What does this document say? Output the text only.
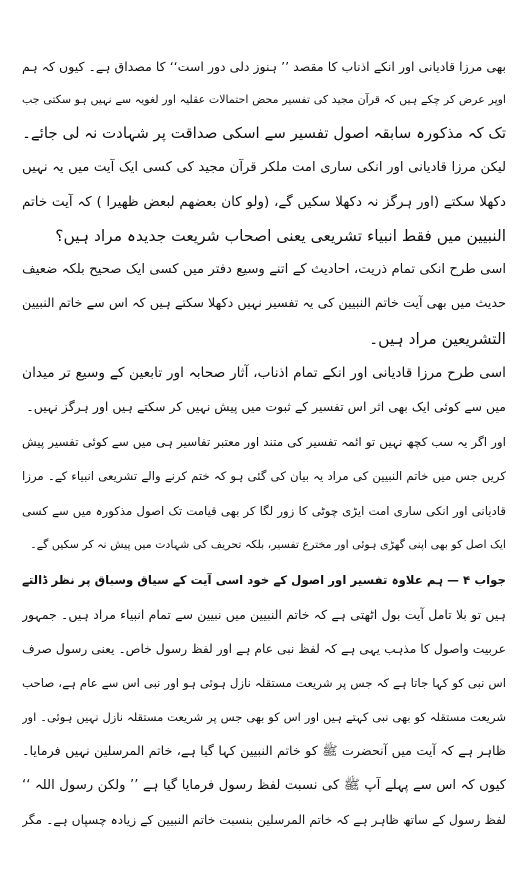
بھی مرزا قادیانی اور انکے اذناب کا مقصد ’’ ہنوز دلی دور است‘‘ کا مصداق ہے۔ کیوں کہ ہم
اوپر عرض کر چکے ہیں کہ قرآن مجید کی تفسیر محض احتمالات عقلیہ اور لغویہ سے نہیں ہو سکتی جب
تک کہ مذکورہ سابقہ اصول تفسیر سے اسکی صداقت پر شہادت نہ لی جائے۔
لیکن مرزا قادیانی اور انکی ساری امت ملکر قرآن مجید کی کسی ایک آیت میں یہ نہیں
دکھلا سکتے (اور ہرگز نہ دکھلا سکیں گے، (ولو کان بعضھم لبعض ظھیرا ) کہ آیت خاتم
النبیین میں فقط انبیاء تشریعی یعنی اصحاب شریعت جدیدہ مراد ہیں؟
اسی طرح انکی تمام ذریت، احادیث کے اتنے وسیع دفتر میں کسی ایک صحیح بلکہ ضعیف
حدیث میں بھی آیت خاتم النبیین کی یہ تفسیر نہیں دکھلا سکتے ہیں کہ اس سے خاتم النبیین
التشریعین مراد ہیں۔
اسی طرح مرزا قادیانی اور انکے تمام اذناب، آثار صحابہ اور تابعین کے وسیع تر میدان
میں سے کوئی ایک بھی اثر اس تفسیر کے ثبوت میں پیش نہیں کر سکتے ہیں اور ہرگز نہیں۔
اور اگر یہ سب کچھ نہیں تو ائمہ تفسیر کی متند اور معتبر تفاسیر ہی میں سے کوئی تفسیر پیش
کریں جس میں خاتم النبیین کی مراد یہ بیان کی گئی ہو کہ ختم کرنے والے تشریعی انبیاء کے۔ مرزا
قادیانی اور انکی ساری امت ایڑی چوٹی کا زور لگا کر بھی قیامت تک اصول مذکورہ میں سے کسی
ایک اصل کو بھی اپنی گھڑی ہوئی اور مخترع تفسیر، بلکہ تحریف کی شہادت میں پیش نہ کر سکیں گے۔
جواب ۴ — ہم علاوہ تفسیر اور اصول کے خود اسی آیت کے سیاق وسباق پر نظر ڈالتے
ہیں تو بلا تامل آیت بول اٹھتی ہے کہ خاتم النبیین میں نبیین سے تمام انبیاء مراد ہیں۔ جمہور
عربیت واصول کا مذہب یہی ہے کہ لفظ نبی عام ہے اور لفظ رسول خاص۔ یعنی رسول صرف
اس نبی کو کہا جاتا ہے کہ جس پر شریعت مستقلہ نازل ہوئی ہو اور نبی اس سے عام ہے، صاحب
شریعت مستقلہ کو بھی نبی کہتے ہیں اور اس کو بھی جس پر شریعت مستقلہ نازل نہیں ہوئی۔ اور
ظاہر ہے کہ آیت میں آنحضرت ﷺ کو خاتم النبیین کہا گیا ہے، خاتم المرسلین نہیں فرمایا۔
کیوں کہ اس سے پہلے آپ ﷺ کی نسبت لفظ رسول فرمایا گیا ہے ’’ ولکن رسول اللہ ‘‘
لفظ رسول کے ساتھ ظاہر ہے کہ خاتم المرسلین بنسبت خاتم النبیین کے زیادہ چسپاں ہے۔ مگر
